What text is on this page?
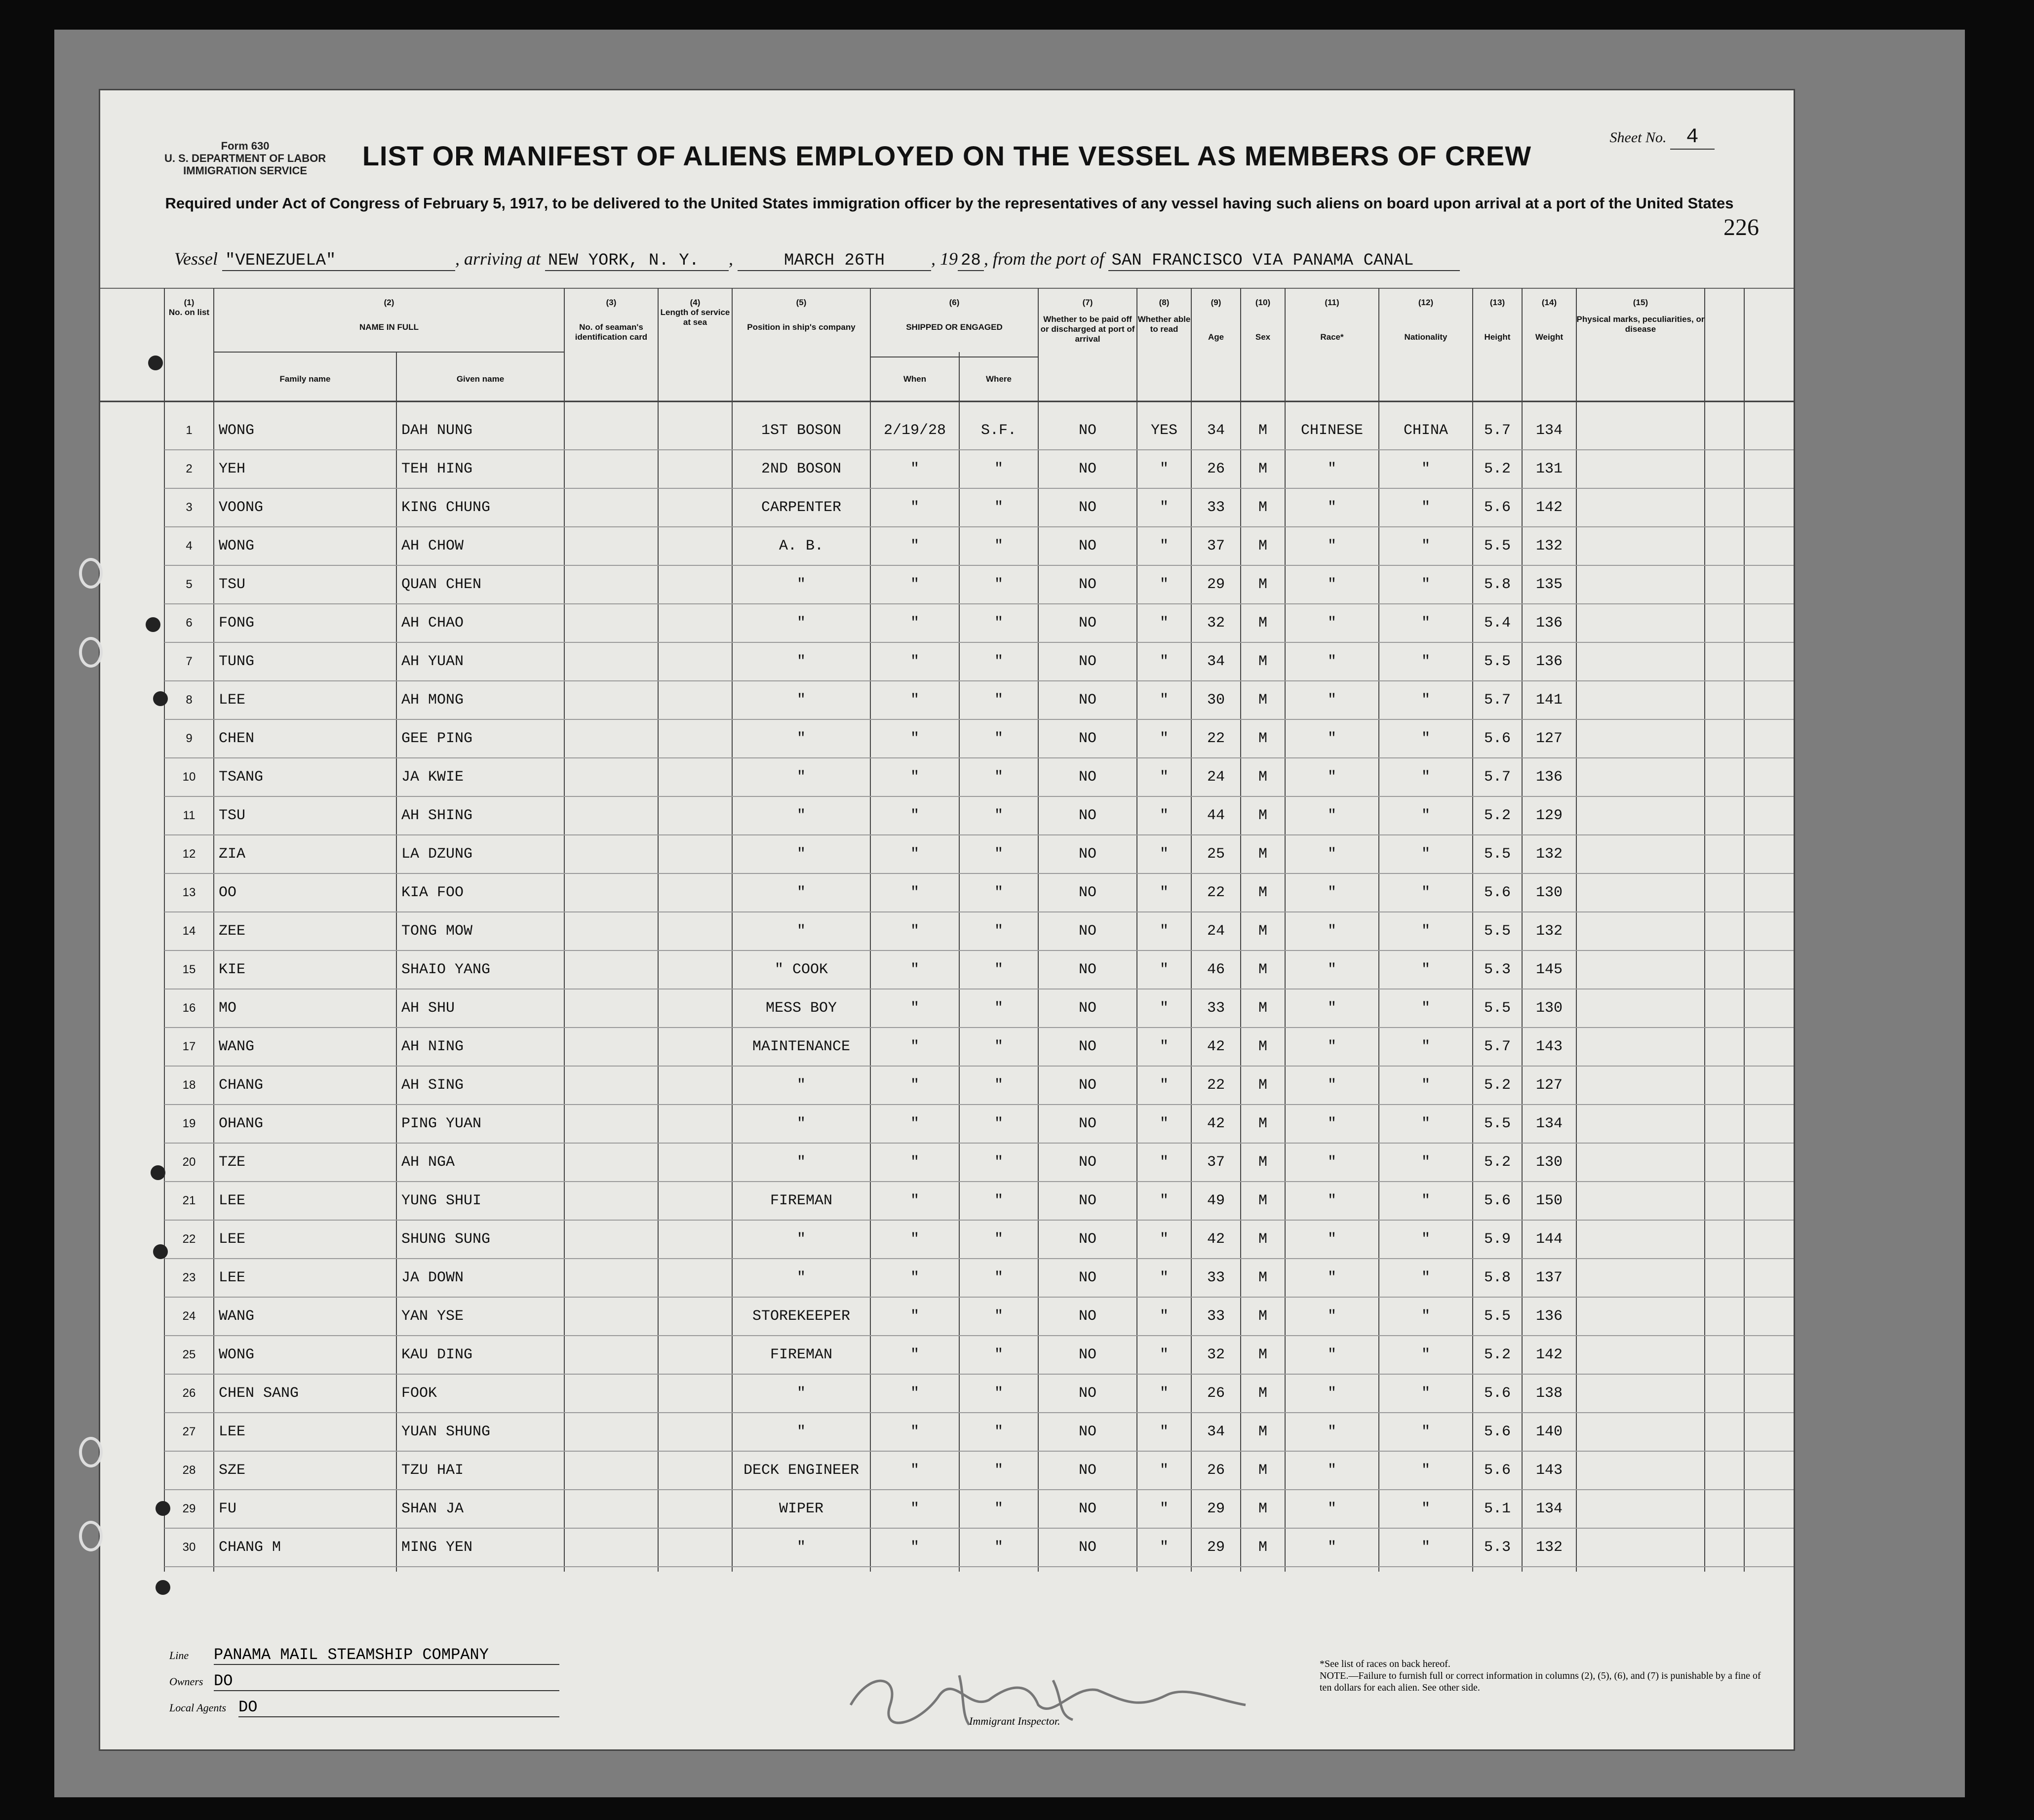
Form 630
U. S. DEPARTMENT OF LABOR
IMMIGRATION SERVICE
Sheet No. 4
LIST OR MANIFEST OF ALIENS EMPLOYED ON THE VESSEL AS MEMBERS OF CREW
Required under Act of Congress of February 5, 1917, to be delivered to the United States immigration officer by the representatives of any vessel having such aliens on board upon arrival at a port of the United States
226
Vessel "VENEZUELA"	, arriving at NEW YORK, N. Y. ,	MARCH 26TH	, 19 28 , from the port of SAN FRANCISCO VIA PANAMA CANAL
(1)
No. on list
(2)
NAME IN FULL
Family name	Given name
(3)
No. of seaman's identification card
(4)
Length of service at sea
(5)
Position in ship's company
(6)
SHIPPED OR ENGAGED
When	Where
(7)
Whether to be paid off or discharged at port of arrival
(8)
Whether able to read
(9)
Age
(10)
Sex
(11)
Race*
(12)
Nationality
(13)
Height
(14)
Weight
(15)
Physical marks, peculiarities, or disease
1	WONG	DAH NUNG	1ST BOSON	2/19/28	S.F.	NO	YES	34	M	CHINESE	CHINA	5.7	134
2	YEH	TEH HING	2ND BOSON	"	"	NO	"	26	M	"	"	5.2	131
3	VOONG	KING CHUNG	CARPENTER	"	"	NO	"	33	M	"	"	5.6	142
4	WONG	AH CHOW	A. B.	"	"	NO	"	37	M	"	"	5.5	132
5	TSU	QUAN CHEN	"	"	"	NO	"	29	M	"	"	5.8	135
6	FONG	AH CHAO	"	"	"	NO	"	32	M	"	"	5.4	136
7	TUNG	AH YUAN	"	"	"	NO	"	34	M	"	"	5.5	136
8	LEE	AH MONG	"	"	"	NO	"	30	M	"	"	5.7	141
9	CHEN	GEE PING	"	"	"	NO	"	22	M	"	"	5.6	127
10	TSANG	JA KWIE	"	"	"	NO	"	24	M	"	"	5.7	136
11	TSU	AH SHING	"	"	"	NO	"	44	M	"	"	5.2	129
12	ZIA	LA DZUNG	"	"	"	NO	"	25	M	"	"	5.5	132
13	OO	KIA FOO	"	"	"	NO	"	22	M	"	"	5.6	130
14	ZEE	TONG MOW	"	"	"	NO	"	24	M	"	"	5.5	132
15	KIE	SHAIO YANG	" COOK	"	"	NO	"	46	M	"	"	5.3	145
16	MO	AH SHU	MESS BOY	"	"	NO	"	33	M	"	"	5.5	130
17	WANG	AH NING	MAINTENANCE	"	"	NO	"	42	M	"	"	5.7	143
18	CHANG	AH SING	"	"	"	NO	"	22	M	"	"	5.2	127
19	OHANG	PING YUAN	"	"	"	NO	"	42	M	"	"	5.5	134
20	TZE	AH NGA	"	"	"	NO	"	37	M	"	"	5.2	130
21	LEE	YUNG SHUI	FIREMAN	"	"	NO	"	49	M	"	"	5.6	150
22	LEE	SHUNG SUNG	"	"	"	NO	"	42	M	"	"	5.9	144
23	LEE	JA DOWN	"	"	"	NO	"	33	M	"	"	5.8	137
24	WANG	YAN YSE	STOREKEEPER	"	"	NO	"	33	M	"	"	5.5	136
25	WONG	KAU DING	FIREMAN	"	"	NO	"	32	M	"	"	5.2	142
26	CHEN SANG	FOOK	"	"	"	NO	"	26	M	"	"	5.6	138
27	LEE	YUAN SHUNG	"	"	"	NO	"	34	M	"	"	5.6	140
28	SZE	TZU HAI	DECK ENGINEER	"	"	NO	"	26	M	"	"	5.6	143
29	FU	SHAN JA	WIPER	"	"	NO	"	29	M	"	"	5.1	134
30	CHANG M	MING YEN	"	"	"	NO	"	29	M	"	"	5.3	132
Line PANAMA MAIL STEAMSHIP COMPANY
Owners DO
Local Agents DO
Immigrant Inspector.
*See list of races on back hereof.
NOTE.—Failure to furnish full or correct information in columns (2), (5), (6), and (7) is punishable by a fine of ten dollars for each alien. See other side.
